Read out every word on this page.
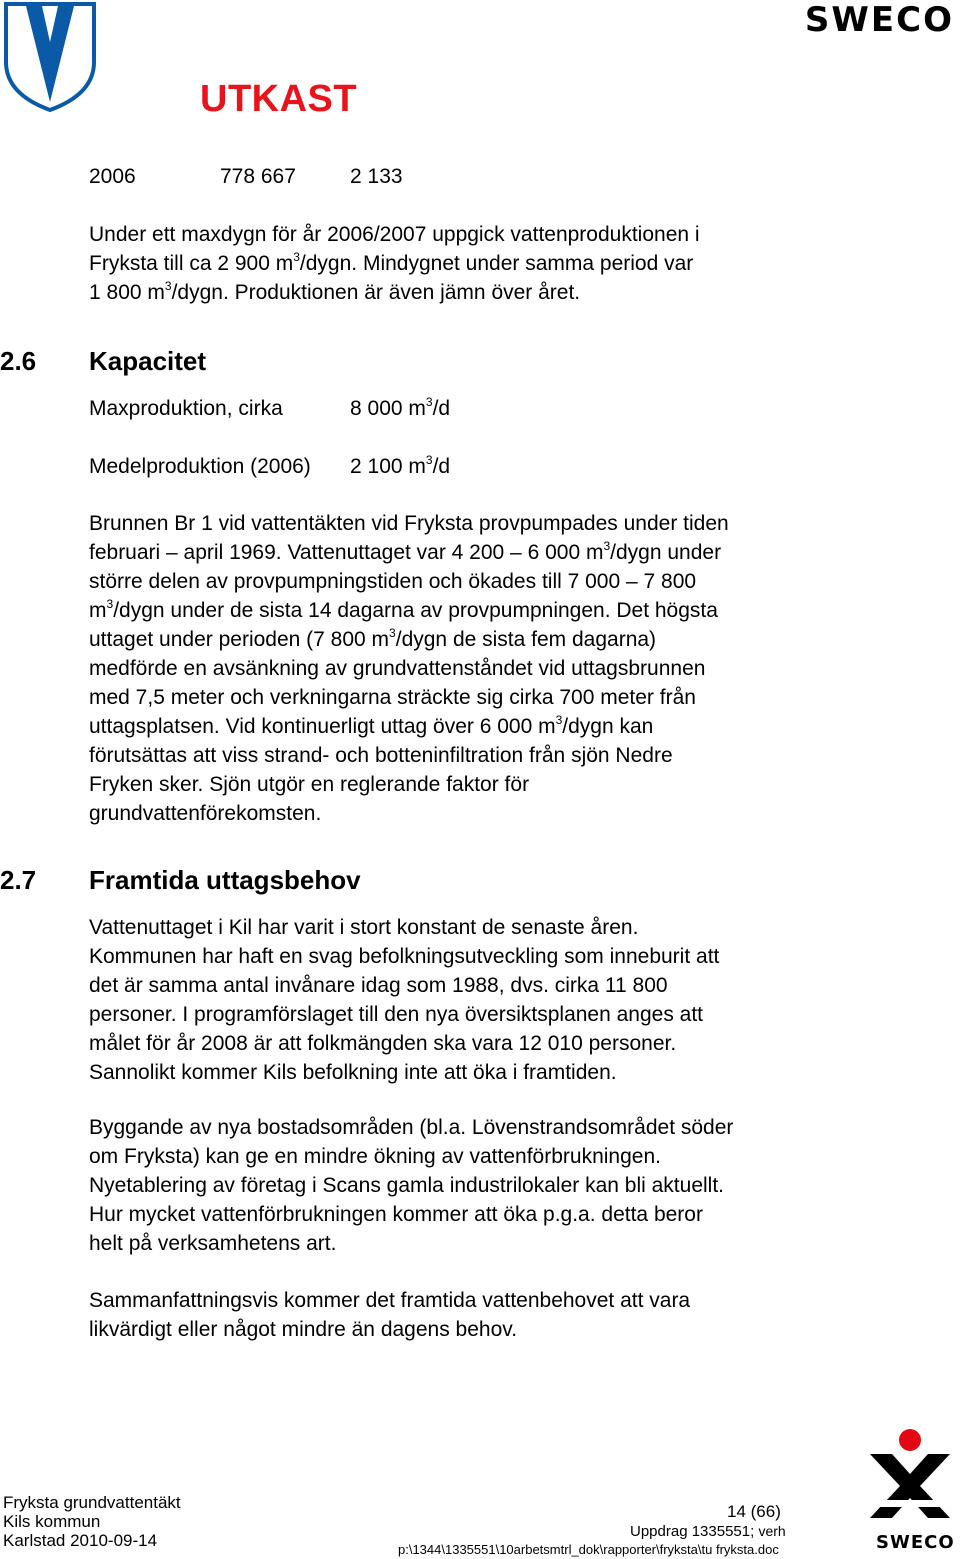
SWECO
UTKAST
2006	778 667	2 133
Under ett maxdygn för år 2006/2007 uppgick vattenproduktionen i
Fryksta till ca 2 900 $m^3$/dygn. Mindygnet under samma period var
1 800 $m^3$/dygn. Produktionen är även jämn över året.
2.6 Kapacitet
Maxproduktion, cirka	8 000 $m^3/d$
Medelproduktion (2006) 2 100 $m^3/d$
Brunnen Br 1 vid vattentäkten vid Fryksta provpumpades under tiden
februari – april 1969. Vattenuttaget var 4 200 – 6 000 $m^3$/dygn under
större delen av provpumpningstiden och ökades till 7 000 – 7 800
$m^3$/dygn under de sista 14 dagarna av provpumpningen. Det högsta
uttaget under perioden (7 800 $m^3$/dygn de sista fem dagarna)
medförde en avsänkning av grundvattenståndet vid uttagsbrunnen
med 7,5 meter och verkningarna sträckte sig cirka 700 meter från
uttagsplatsen. Vid kontinuerligt uttag över 6 000 $m^3$/dygn kan
förutsättas att viss strand- och botteninfiltration från sjön Nedre
Fryken sker. Sjön utgör en reglerande faktor för
grundvattenförekomsten.
2.7 Framtida uttagsbehov
Vattenuttaget i Kil har varit i stort konstant de senaste åren.
Kommunen har haft en svag befolkningsutveckling som inneburit att
det är samma antal invånare idag som 1988, dvs. cirka 11 800
personer. I programförslaget till den nya översiktsplanen anges att
målet för år 2008 är att folkmängden ska vara 12 010 personer.
Sannolikt kommer Kils befolkning inte att öka i framtiden.
Byggande av nya bostadsområden (bl.a. Lövenstrandsområdet söder
om Fryksta) kan ge en mindre ökning av vattenförbrukningen.
Nyetablering av företag i Scans gamla industrilokaler kan bli aktuellt.
Hur mycket vattenförbrukningen kommer att öka p.g.a. detta beror
helt på verksamhetens art.
Sammanfattningsvis kommer det framtida vattenbehovet att vara
likvärdigt eller något mindre än dagens behov.
Fryksta grundvattentäkt
Kils kommun
Karlstad 2010-09-14
14 (66)
Uppdrag 1335551; verh
p:\1344\1335551\10arbetsmtrl_dok\rapporter\fryksta\tu fryksta.doc	SWECO
